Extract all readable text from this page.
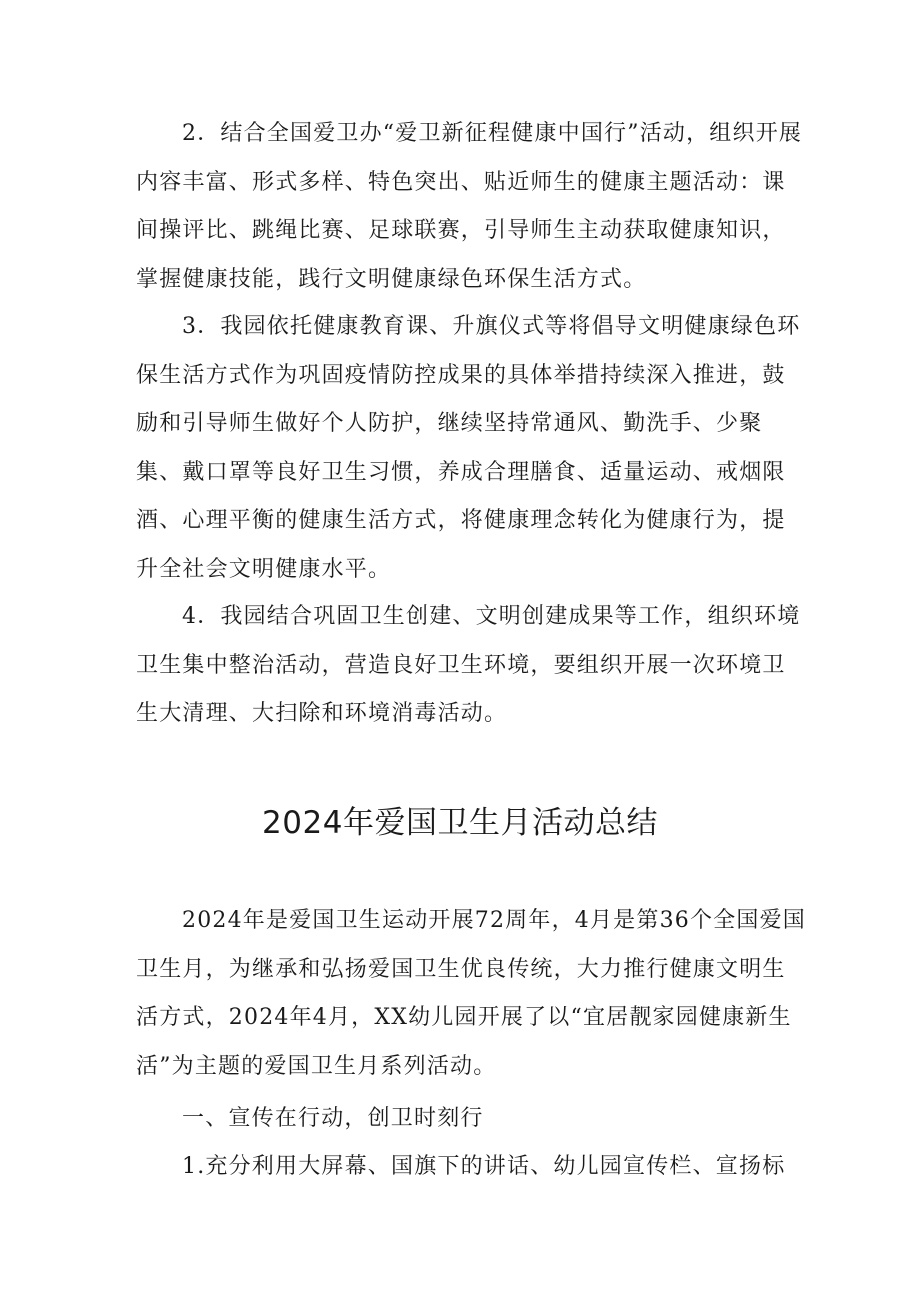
2．结合全国爱卫办“爱卫新征程健康中国行”活动，组织开展内容丰富、形式多样、特色突出、贴近师生的健康主题活动：课间操评比、跳绳比赛、足球联赛，引导师生主动获取健康知识，掌握健康技能，践行文明健康绿色环保生活方式。

3．我园依托健康教育课、升旗仪式等将倡导文明健康绿色环保生活方式作为巩固疫情防控成果的具体举措持续深入推进，鼓励和引导师生做好个人防护，继续坚持常通风、勤洗手、少聚集、戴口罩等良好卫生习惯，养成合理膳食、适量运动、戒烟限酒、心理平衡的健康生活方式，将健康理念转化为健康行为，提升全社会文明健康水平。

4．我园结合巩固卫生创建、文明创建成果等工作，组织环境卫生集中整治活动，营造良好卫生环境，要组织开展一次环境卫生大清理、大扫除和环境消毒活动。

2024年爱国卫生月活动总结

2024年是爱国卫生运动开展72周年，4月是第36个全国爱国卫生月，为继承和弘扬爱国卫生优良传统，大力推行健康文明生活方式，2024年4月，XX幼儿园开展了以“宜居靓家园健康新生活”为主题的爱国卫生月系列活动。

一、宣传在行动，创卫时刻行

1.充分利用大屏幕、国旗下的讲话、幼儿园宣传栏、宣扬标
